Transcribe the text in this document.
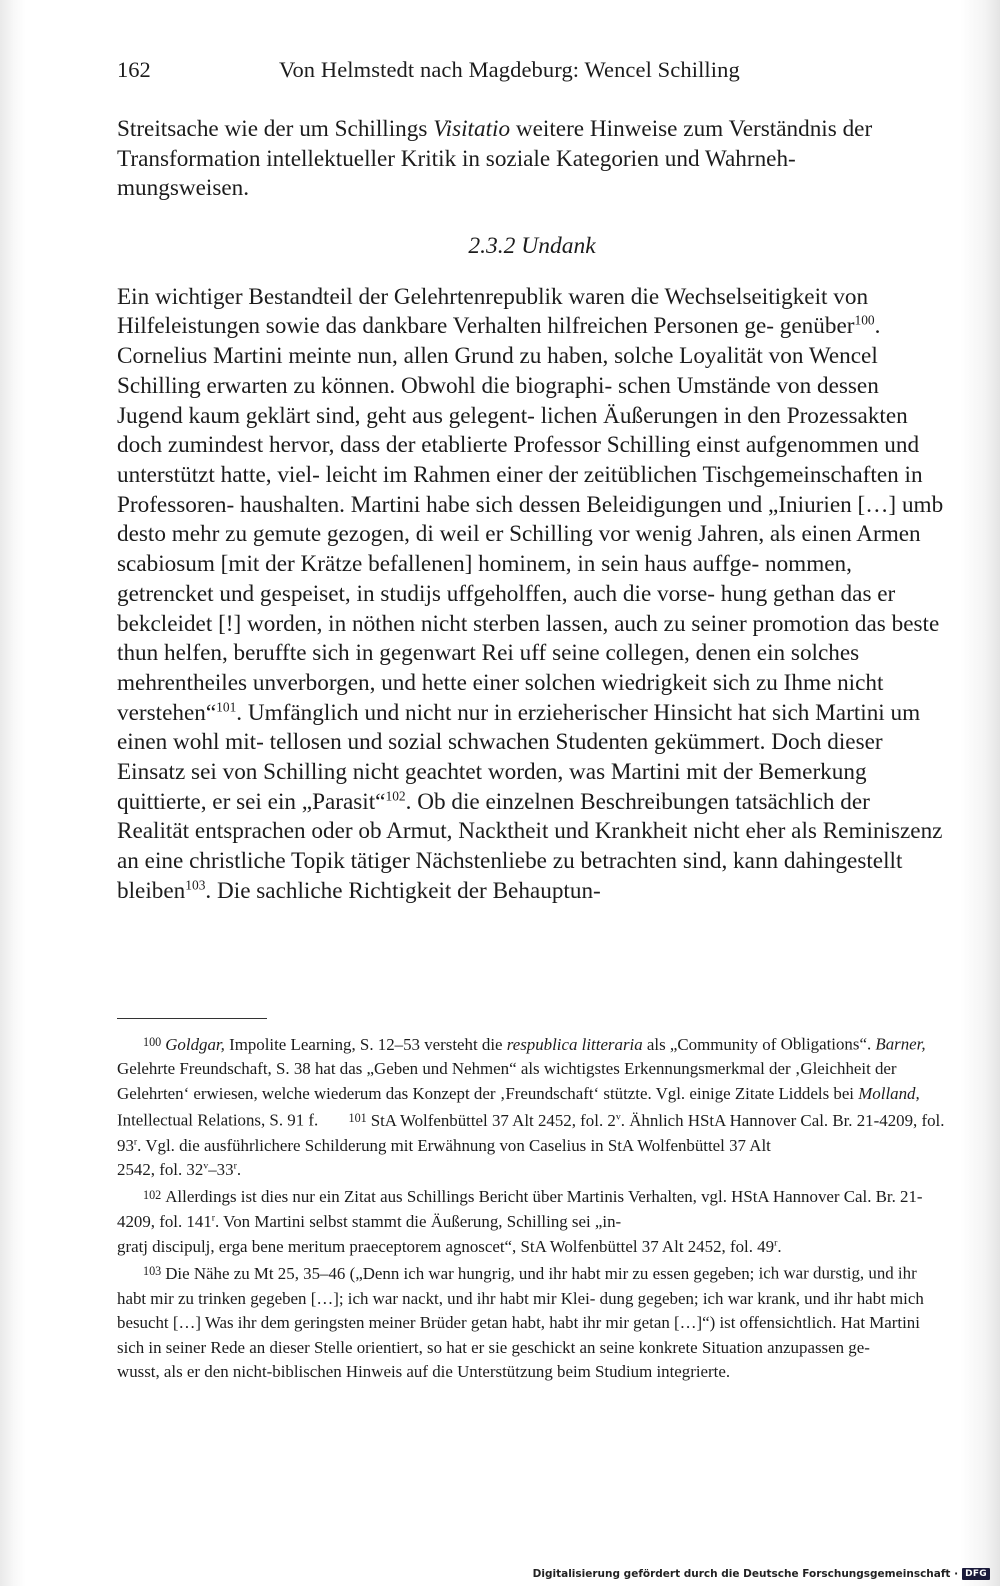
162	Von Helmstedt nach Magdeburg: Wencel Schilling
Streitsache wie der um Schillings Visitatio weitere Hinweise zum Verständnis der Transformation intellektueller Kritik in soziale Kategorien und Wahrneh-
mungsweisen.
2.3.2 Undank
Ein wichtiger Bestandteil der Gelehrtenrepublik waren die Wechselseitigkeit von Hilfeleistungen sowie das dankbare Verhalten hilfreichen Personen ge- genüber$^{100}$. Cornelius Martini meinte nun, allen Grund zu haben, solche Loyalität von Wencel Schilling erwarten zu können. Obwohl die biographi- schen Umstände von dessen Jugend kaum geklärt sind, geht aus gelegent- lichen Äußerungen in den Prozessakten doch zumindest hervor, dass der etablierte Professor Schilling einst aufgenommen und unterstützt hatte, viel- leicht im Rahmen einer der zeitüblichen Tischgemeinschaften in Professoren- haushalten. Martini habe sich dessen Beleidigungen und „Iniurien […] umb desto mehr zu gemute gezogen, di weil er Schilling vor wenig Jahren, als einen Armen scabiosum [mit der Krätze befallenen] hominem, in sein haus auffge- nommen, getrencket und gespeiset, in studijs uffgeholffen, auch die vorse- hung gethan das er bekcleidet [!] worden, in nöthen nicht sterben lassen, auch zu seiner promotion das beste thun helfen, beruffte sich in gegenwart Rei uff seine collegen, denen ein solches mehrentheiles unverborgen, und hette einer solchen wiedrigkeit sich zu Ihme nicht verstehen“$^{101}$. Umfänglich und nicht nur in erzieherischer Hinsicht hat sich Martini um einen wohl mit- tellosen und sozial schwachen Studenten gekümmert. Doch dieser Einsatz sei von Schilling nicht geachtet worden, was Martini mit der Bemerkung quittierte, er sei ein „Parasit“$^{102}$. Ob die einzelnen Beschreibungen tatsächlich der Realität entsprachen oder ob Armut, Nacktheit und Krankheit nicht eher als Reminiszenz an eine christliche Topik tätiger Nächstenliebe zu betrachten sind, kann dahingestellt bleiben$^{103}$. Die sachliche Richtigkeit der Behauptun-
$^{100}$ Goldgar, Impolite Learning, S. 12–53 versteht die respublica litteraria als „Community of Obligations“. Barner, Gelehrte Freundschaft, S. 38 hat das „Geben und Nehmen“ als wichtigstes Erkennungsmerkmal der ‚Gleichheit der Gelehrten‘ erwiesen, welche wiederum das Konzept der ‚Freundschaft‘ stützte. Vgl. einige Zitate Liddels bei Molland, Intellectual Relations, S. 91 f. $^{101}$ StA Wolfenbüttel 37 Alt 2452, fol. 2$^v$. Ähnlich HStA Hannover Cal. Br. 21-4209, fol. 93$^r$. Vgl. die ausführlichere Schilderung mit Erwähnung von Caselius in StA Wolfenbüttel 37 Alt
2542, fol. 32$^v$–33$^r$.
$^{102}$ Allerdings ist dies nur ein Zitat aus Schillings Bericht über Martinis Verhalten, vgl. HStA Hannover Cal. Br. 21-4209, fol. 141$^r$. Von Martini selbst stammt die Äußerung, Schilling sei „in-
gratj discipulj, erga bene meritum praeceptorem agnoscet“, StA Wolfenbüttel 37 Alt 2452, fol. 49$^r$.
$^{103}$ Die Nähe zu Mt 25, 35–46 („Denn ich war hungrig, und ihr habt mir zu essen gegeben; ich war durstig, und ihr habt mir zu trinken gegeben […]; ich war nackt, und ihr habt mir Klei- dung gegeben; ich war krank, und ihr habt mich besucht […] Was ihr dem geringsten meiner Brüder getan habt, habt ihr mir getan […]“) ist offensichtlich. Hat Martini sich in seiner Rede an dieser Stelle orientiert, so hat er sie geschickt an seine konkrete Situation anzupassen ge-
wusst, als er den nicht-biblischen Hinweis auf die Unterstützung beim Studium integrierte.
Digitalisierung gefördert durch die Deutsche Forschungsgemeinschaft · DFG
